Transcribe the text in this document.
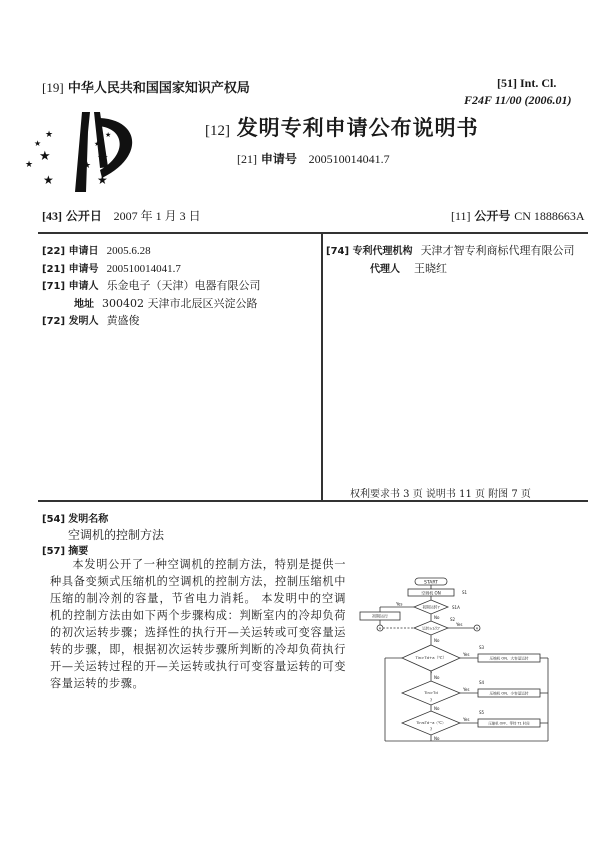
[19] 中华人民共和国国家知识产权局	[51] Int. Cl.
F24F 11/00 (2006.01)
★
★
★
★
★
★
★
★
★
★
[12] 发明专利申请公布说明书
[21] 申请号 200510014041.7
[43] 公开日 2007 年 1 月 3 日	[11] 公开号 CN 1888663A
[22] 申请日 2005.6.28
[21] 申请号 200510014041.7
[71] 申请人 乐金电子（天津）电器有限公司
地址 300402 天津市北辰区兴淀公路
[72] 发明人 黄盛俊
[74] 专利代理机构 天津才智专利商标代理有限公司
代理人 王晓红
权利要求书 3 页 说明书 11 页 附图 7 页
[54] 发明名称
空调机的控制方法
[57] 摘要
本发明公开了一种空调机的控制方法，特别是提供一种具备变频式压缩机的空调机的控制方法，控制压缩机中压缩的制冷剂的容量，节省电力消耗。 本发明中的空调机的控制方法由如下两个步骤构成：判断室内的冷却负荷的初次运转步骤；选择性的执行开—关运转或可变容量运转的步骤，即，根据初次运转步骤所判断的冷却负荷执行开—关运转过程的开—关运转或执行可变容量运转的可变容量运转的步骤。
START
空调机 ON	S1
初期运转?	S1A
Yes
初期运行
A
No
运转≥1次?
S2
Yes
A
No
Tin>Td+a（℃）
?
Yes
S3
压缩机 ON、大容量运转
No
Tin>Td
?
Yes
S4
压缩机 ON、小容量运转
No
Tin≤Td−a（℃）
?
Yes
S5
压缩机 OFF、等待 T1 时间
No
